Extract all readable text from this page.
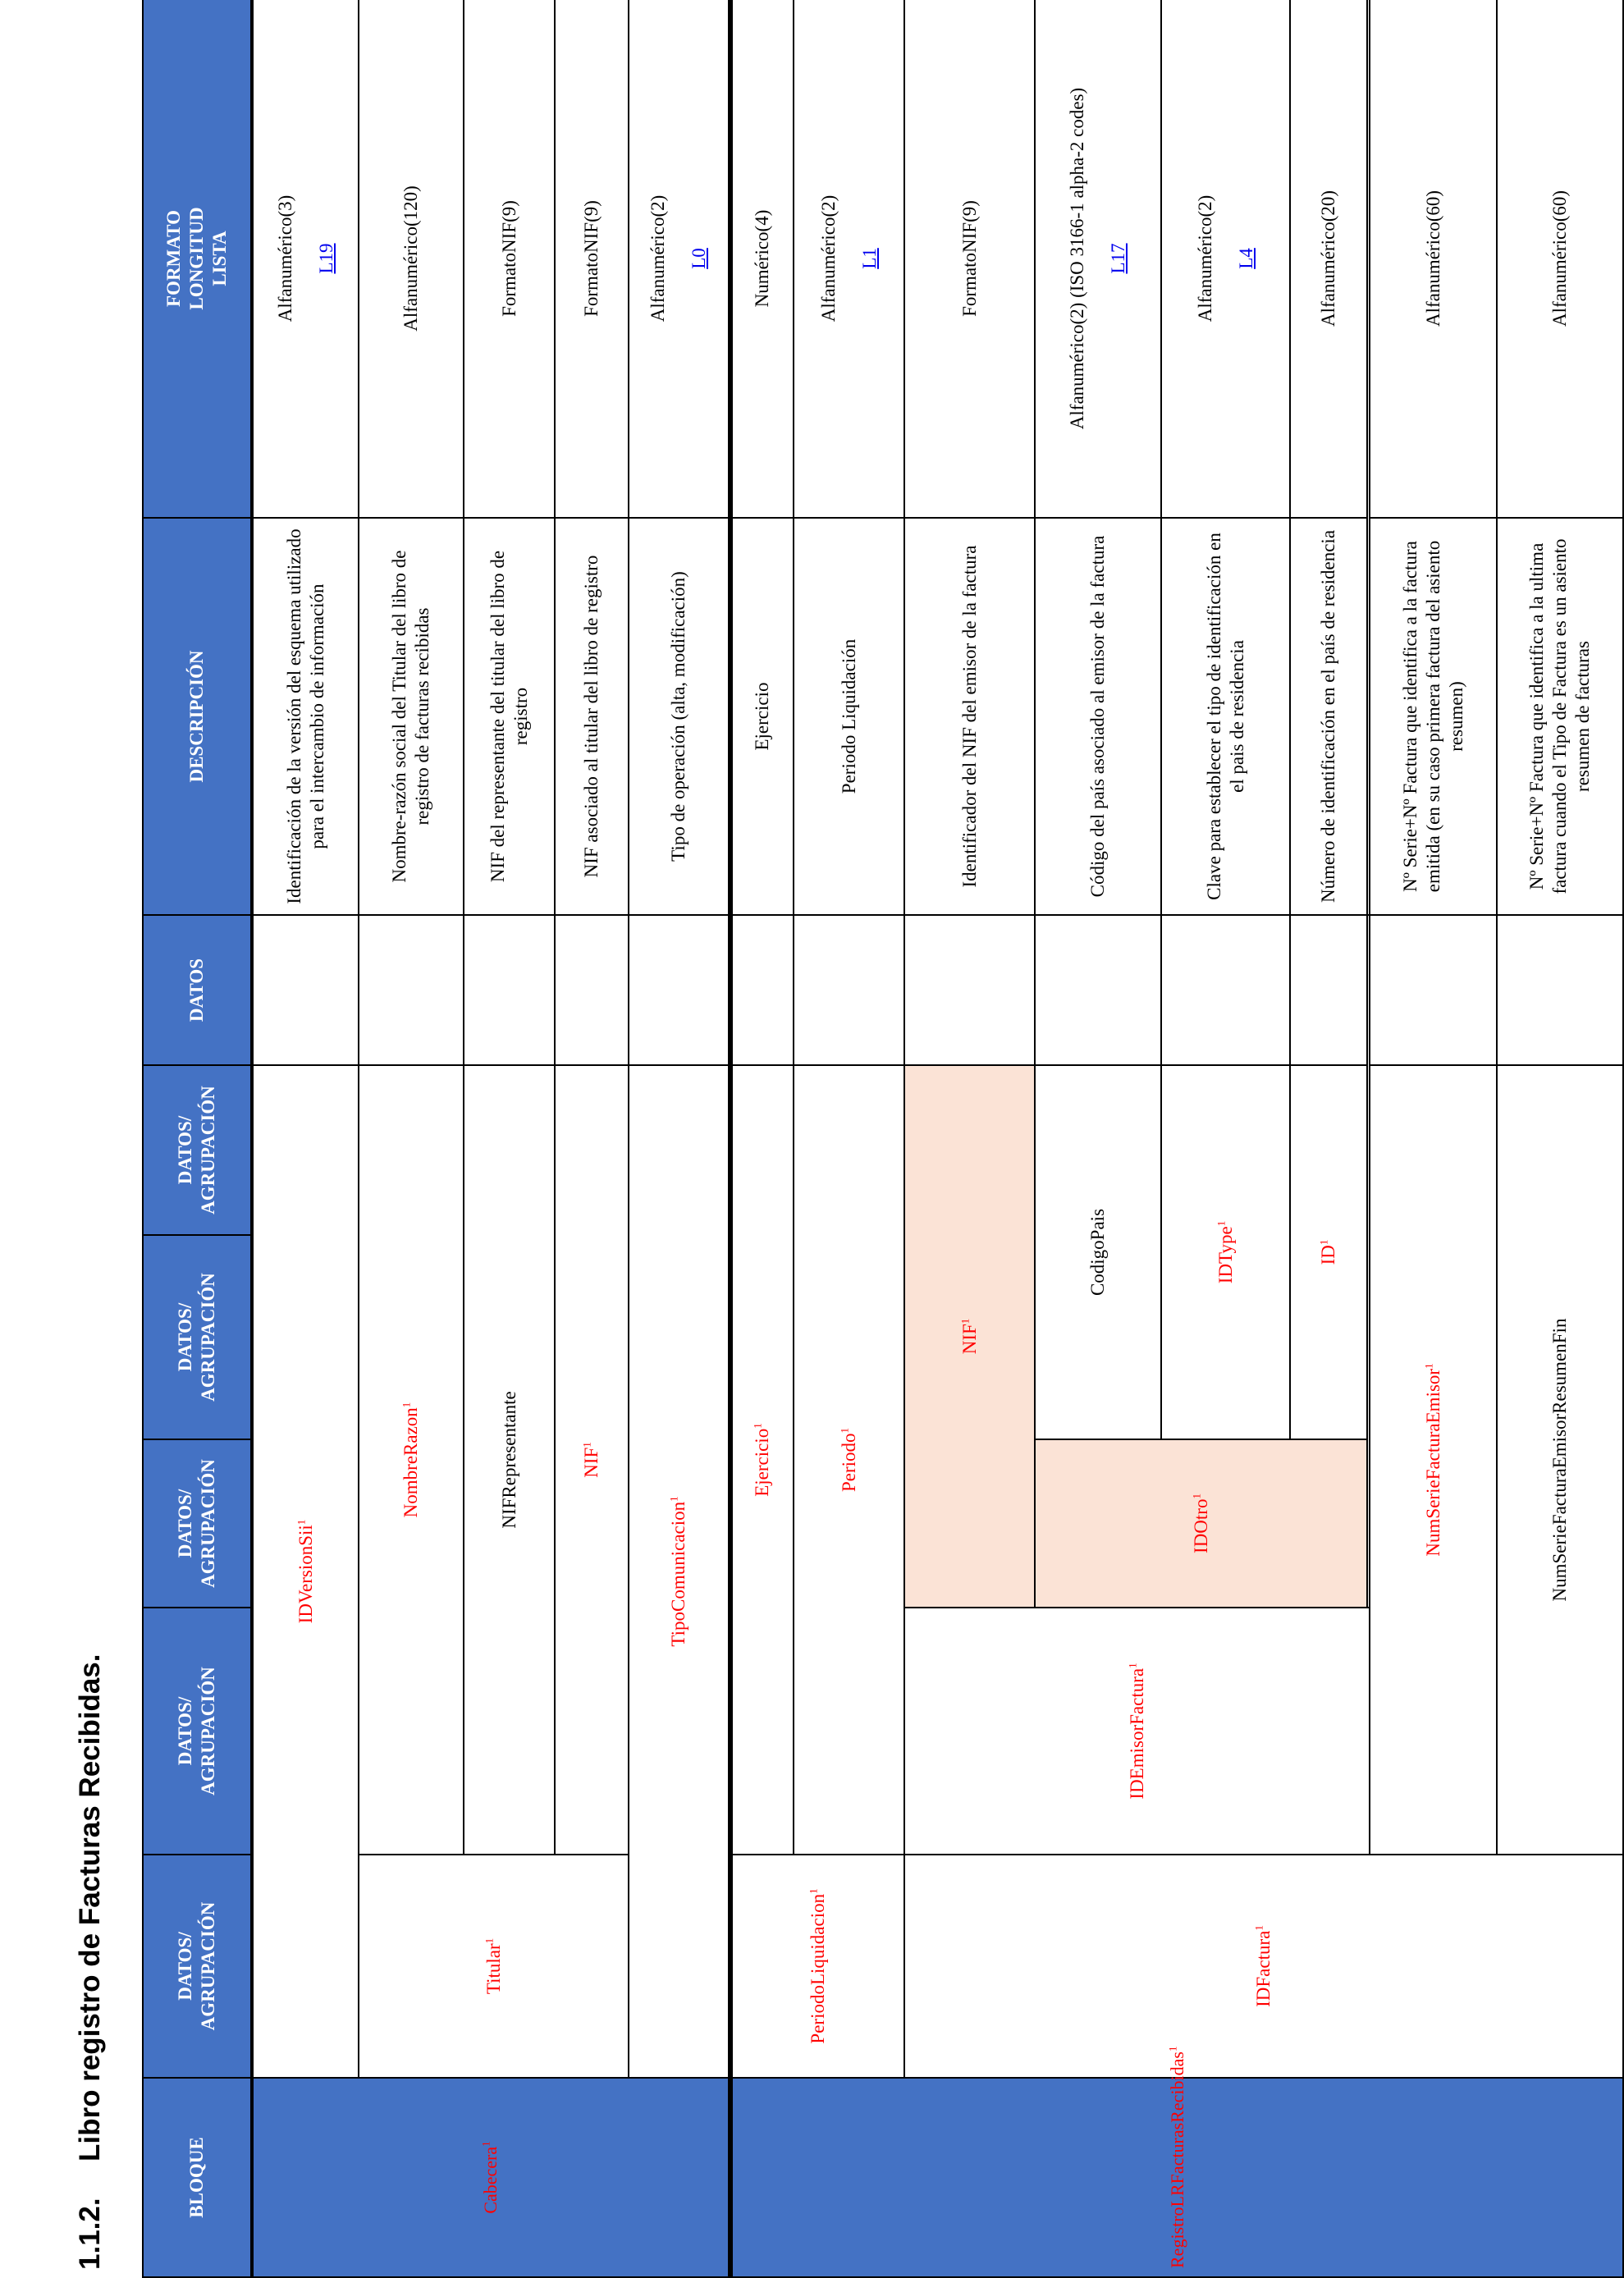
1.1.2.
Libro registro de Facturas Recibidas.
BLOQUE	DATOS/
AGRUPACIÓN	DATOS/
AGRUPACIÓN	DATOS/
AGRUPACIÓN	DATOS/
AGRUPACIÓN	DATOS/
AGRUPACIÓN	DATOS	DESCRIPCIÓN	FORMATO
LONGITUD
LISTA
Cabecera$^1$	IDVersionSii$^1$						Identificación de la versión del esquema utilizado para el intercambio de información	Alfanumérico(3) L19

	Titular$^1$	NombreRazon$^1$					Nombre-razón social del Titular del libro de registro de facturas recibidas	Alfanumérico(120)
		NIFRepresentante					NIF del representante del titular del libro de registro	FormatoNIF(9)
		NIF$^1$					NIF asociado al titular del libro de registro	FormatoNIF(9)
	TipoComunicacion$^1$						Tipo de operación (alta, modificación)	Alfanumérico(2) L0

RegistroLRFacturasRecibidas$^1$	PeriodoLiquidacion$^1$	Ejercicio$^1$					Ejercicio	Numérico(4)
		Periodo$^1$					Periodo Liquidación	Alfanumérico(2) L1

	IDFactura$^1$	IDEmisorFactura$^1$	NIF$^1$				Identificador del NIF del emisor de la factura	FormatoNIF(9)
			IDOtro$^1$	CodigoPais			Código del país asociado al emisor de la factura	Alfanumérico(2) (ISO 3166-1 alpha-2 codes) L17

				IDType$^1$			Clave para establecer el tipo de identificación en el pais de residencia	Alfanumérico(2) L4

				$ID^1$			Número de identificación en el país de residencia	Alfanumérico(20)

		NumSerieFacturaEmisor$^1$					Nº Serie+Nº Factura que identifica a la factura emitida (en su caso primera factura del asiento resumen)	Alfanumérico(60)
		NumSerieFacturaEmisorResumenFin					Nº Serie+Nº Factura que identifica a la ultima factura cuando el Tipo de Factura es un asiento resumen de facturas	Alfanumérico(60)
